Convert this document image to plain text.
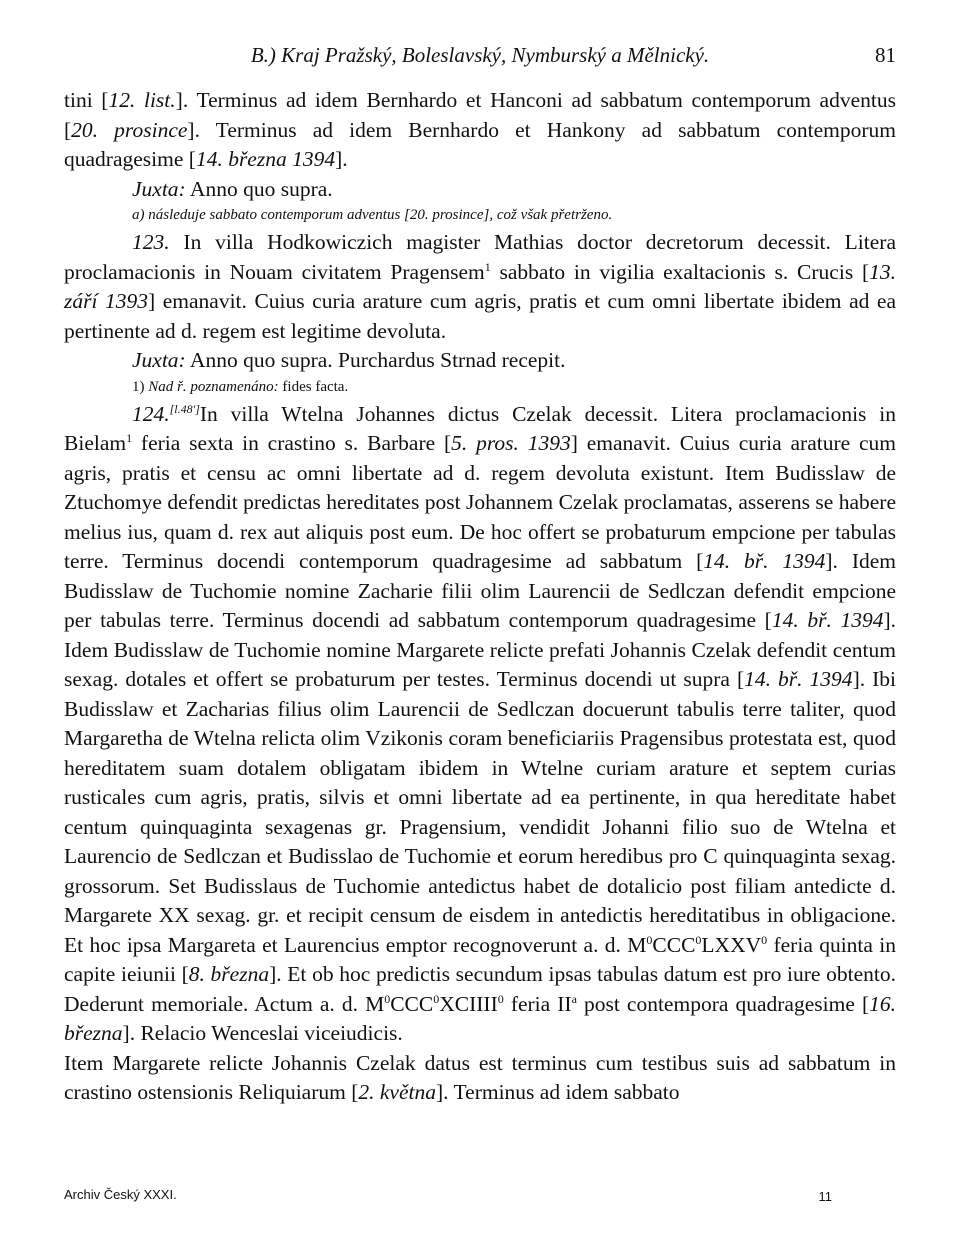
B.) Kraj Pražský, Boleslavský, Nymburský a Mělnický.	81

tini [12. list.]. Terminus ad idem Bernhardo et Hanconi ad sabbatum contemporum adventus [20. prosince]. Terminus ad idem Bernhardo et Hankony ad sabbatum contemporum quadragesime [14. března 1394].

Juxta: Anno quo supra.

a) následuje sabbato contemporum adventus [20. prosince], což však přetrženo.

123. In villa Hodkowiczich magister Mathias doctor decretorum decessit. Litera proclamacionis in Nouam civitatem Pragensem$^1$ sabbato in vigilia exaltacionis s. Crucis [13. září 1393] emanavit. Cuius curia arature cum agris, pratis et cum omni libertate ibidem ad ea pertinente ad d. regem est legitime devoluta.

Juxta: Anno quo supra. Purchardus Strnad recepit.

1) Nad ř. poznamenáno: fides facta.

124.[l.48']In villa Wtelna Johannes dictus Czelak decessit. Litera proclamacionis in Bielam$^1$ feria sexta in crastino s. Barbare [5. pros. 1393] emanavit. Cuius curia arature cum agris, pratis et censu ac omni libertate ad d. regem devoluta existunt. Item Budisslaw de Ztuchomye defendit predictas hereditates post Johannem Czelak proclamatas, asserens se habere melius ius, quam d. rex aut aliquis post eum. De hoc offert se probaturum empcione per tabulas terre. Terminus docendi contemporum quadragesime ad sabbatum [14. bř. 1394]. Idem Budisslaw de Tuchomie nomine Zacharie filii olim Laurencii de Sedlczan defendit empcione per tabulas terre. Terminus docendi ad sabbatum contemporum quadragesime [14. bř. 1394]. Idem Budisslaw de Tuchomie nomine Margarete relicte prefati Johannis Czelak defendit centum sexag. dotales et offert se probaturum per testes. Terminus docendi ut supra [14. bř. 1394]. Ibi Budisslaw et Zacharias filius olim Laurencii de Sedlczan docuerunt tabulis terre taliter, quod Margaretha de Wtelna relicta olim Vzikonis coram beneficiariis Pragensibus protestata est, quod hereditatem suam dotalem obligatam ibidem in Wtelne curiam arature et septem curias rusticales cum agris, pratis, silvis et omni libertate ad ea pertinente, in qua hereditate habet centum quinquaginta sexagenas gr. Pragensium, vendidit Johanni filio suo de Wtelna et Laurencio de Sedlczan et Budisslao de Tuchomie et eorum heredibus pro C quinquaginta sexag. grossorum. Set Budisslaus de Tuchomie antedictus habet de dotalicio post filiam antedicte d. Margarete XX sexag. gr. et recipit censum de eisdem in antedictis hereditatibus in obligacione. Et hoc ipsa Margareta et Laurencius emptor recognoverunt a. d. $M^0CCC^0LXXV^0$ feria quinta in capite ieiunii [8. března]. Et ob hoc predictis secundum ipsas tabulas datum est pro iure obtento. Dederunt memoriale. Actum a. d. $M^0CCC^0XCIIII^0$ feria $II^a$ post contempora quadragesime [16. března]. Relacio Wenceslai viceiudicis.

Item Margarete relicte Johannis Czelak datus est terminus cum testibus suis ad sabbatum in crastino ostensionis Reliquiarum [2. května]. Terminus ad idem sabbato

Archiv Český XXXI.	11
